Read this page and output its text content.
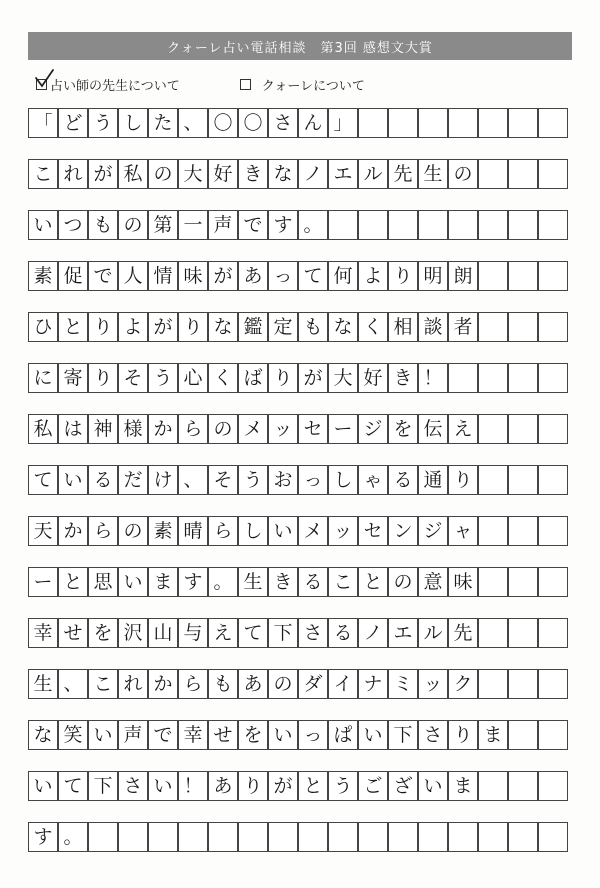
クォーレ占い電話相談　第3回 感想文大賞
占い師の先生について	クォーレについて
「 ど う し た 、 〇 〇 さ ん 」
こ れ が 私 の 大 好 き な ノ エ ル 先 生 の
い つ も の 第 一 声 で す 。
素 促 で 人 情 味 が あ っ て 何 よ り 明 朗
ひ と り よ が り な 鑑 定 も な く 相 談 者
に 寄 り そ う 心 く ば り が 大 好 き ！
私 は 神 様 か ら の メ ッ セ ー ジ を 伝 え
て い る だ け 、 そ う お っ し ゃ る 通 り
天 か ら の 素 晴 ら し い メ ッ セ ン ジ ャ
ー と 思 い ま す 。 生 き る こ と の 意 味
幸 せ を 沢 山 与 え て 下 さ る ノ エ ル 先
生 、 こ れ か ら も あ の ダ イ ナ ミ ッ ク
な 笑 い 声 で 幸 せ を い っ ぱ い 下 さ り ま
い て 下 さ い ！ あ り が と う ご ざ い ま
す 。
